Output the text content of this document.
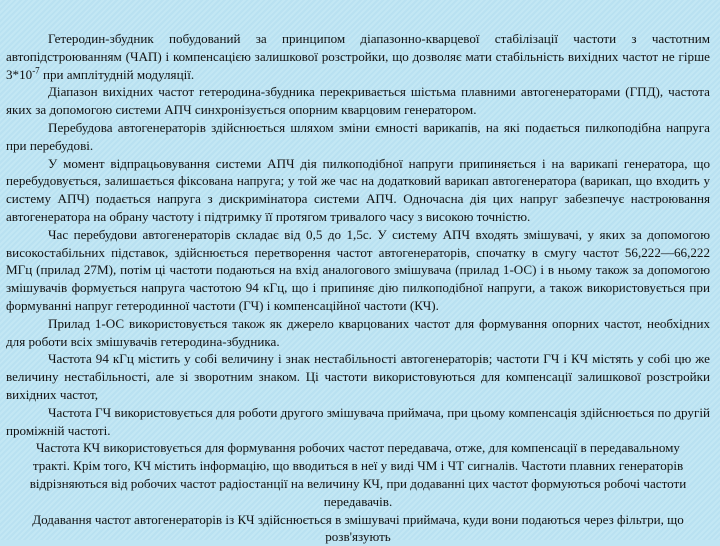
Гетеродин-збудник побудований за принципом діапазонно-кварцевої стабілізації частоти з частотним автопідстроюванням (ЧАП) і компенсацією залишкової розстройки, що дозволяє мати стабільність вихідних частот не гірше $3*10^{-7}$ при амплітудній модуляції.

Діапазон вихідних частот гетеродина-збудника перекривається шістьма плавними автогенераторами (ГПД), частота яких за допомогою системи АПЧ синхронізується опорним кварцовим генератором.

Перебудова автогенераторів здійснюється шляхом зміни ємності варикапів, на які подається пилкоподібна напруга при перебудові.

У момент відпрацьовування системи АПЧ дія пилкоподібної напруги припиняється і на варикапі генератора, що перебудовується, залишається фіксована напруга; у той же час на додатковий варикап автогенератора (варикап, що входить у систему АПЧ) подається напруга з дискримінатора системи АПЧ. Одночасна дія цих напруг забезпечує настроювання автогенератора на обрану частоту і підтримку її протягом тривалого часу з високою точністю.

Час перебудови автогенераторів складає від 0,5 до 1,5с. У систему АПЧ входять змішувачі, у яких за допомогою високостабільних підставок, здійснюється перетворення частот автогенераторів, спочатку в смугу частот 56,222—66,222 МГц (прилад 27М), потім ці частоти подаються на вхід аналогового змішувача (прилад 1-ОС) і в ньому також за допомогою змішувачів формується напруга частотою 94 кГц, що і припиняє дію пилкоподібної напруги, а також використовується при формуванні напруг гетеродинної частоти (ГЧ) і компенсаційної частоти (КЧ).

Прилад 1-ОС використовується також як джерело кварцованих частот для формування опорних частот, необхідних для роботи всіх змішувачів гетеродина-збудника.

Частота 94 кГц містить у собі величину і знак нестабільності автогенераторів; частоти ГЧ і КЧ містять у собі цю же величину нестабільності, але зі зворотним знаком. Ці частоти використовуються для компенсації залишкової розстройки вихідних частот,

Частота ГЧ використовується для роботи другого змішувача приймача, при цьому компенсація здійснюється по другій проміжній частоті.

Частота КЧ використовується для формування робочих частот передавача, отже, для компенсації в передавальному тракті. Крім того, КЧ містить інформацію, що вводиться в неї у виді ЧМ і ЧТ сигналів. Частоти плавних генераторів відрізняються від робочих частот радіостанції на величину КЧ, при додаванні цих частот формуються робочі частоти передавачів.

Додавання частот автогенераторів із КЧ здійснюється в змішувачі приймача, куди вони подаються через фільтри, що розв'язують
